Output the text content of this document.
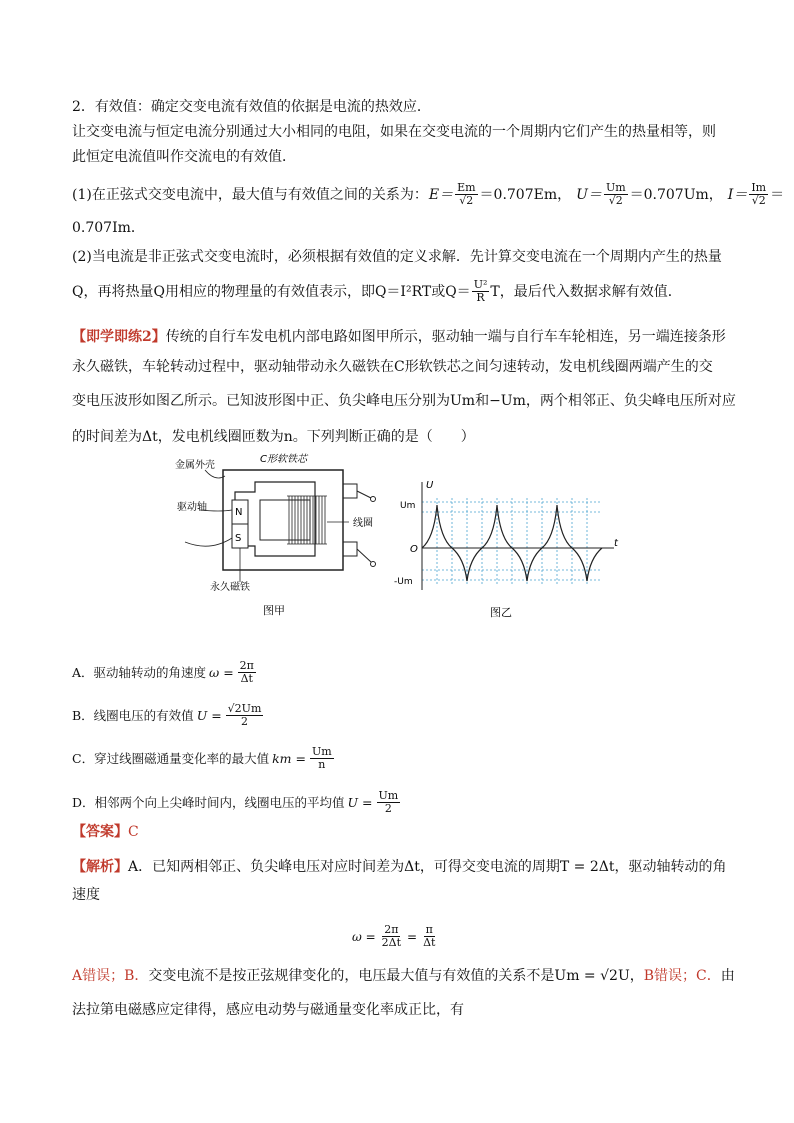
2．有效值：确定交变电流有效值的依据是电流的热效应．
让交变电流与恒定电流分别通过大小相同的电阻，如果在交变电流的一个周期内它们产生的热量相等，则
此恒定电流值叫作交流电的有效值．
(1)在正弦式交变电流中，最大值与有效值之间的关系为： $E= \frac{Em}{√2} =0.707Em$， $U= \frac{Um}{√2} =0.707Um$， $I= \frac{Im}{√2}$ ＝
0.707Im．
(2)当电流是非正弦式交变电流时，必须根据有效值的定义求解．先计算交变电流在一个周期内产生的热量
Q，再将热量Q用相应的物理量的有效值表示，即Q＝I²RT或$Q= \frac{\text{U²}}{R}$ T，最后代入数据求解有效值．
【即学即练2】传统的自行车发电机内部电路如图甲所示，驱动轴一端与自行车车轮相连，另一端连接条形
永久磁铁，车轮转动过程中，驱动轴带动永久磁铁在C形软铁芯之间匀速转动，发电机线圈两端产生的交
变电压波形如图乙所示。已知波形图中正、负尖峰电压分别为Um和−Um，两个相邻正、负尖峰电压所对应
的时间差为Δt，发电机线圈匝数为n。下列判断正确的是（　　）
金属外壳
C形软铁芯
驱动轴
线圈
永久磁铁
图甲
N
S
U
t
O
Um
-Um
图乙
A．驱动轴转动的角速度 $\omega = \frac{2\pi}{\Delta t}$
B．线圈电压的有效值 $U = \frac{√2Um}{2}$
C．穿过线圈磁通量变化率的最大值 km = $\frac{Um}{n}$
D．相邻两个向上尖峰时间内，线圈电压的平均值 $U = \frac{Um}{2}$
【答案】C
【解析】A．已知两相邻正、负尖峰电压对应时间差为Δt，可得交变电流的周期T = 2Δt，驱动轴转动的角
速度
$\omega = \frac{2\pi}{2\Delta t} = \frac{\pi}{\Delta t}$
A错误；B．交变电流不是按正弦规律变化的，电压最大值与有效值的关系不是Um = √2U，B错误；C．由
法拉第电磁感应定律得，感应电动势与磁通量变化率成正比，有
